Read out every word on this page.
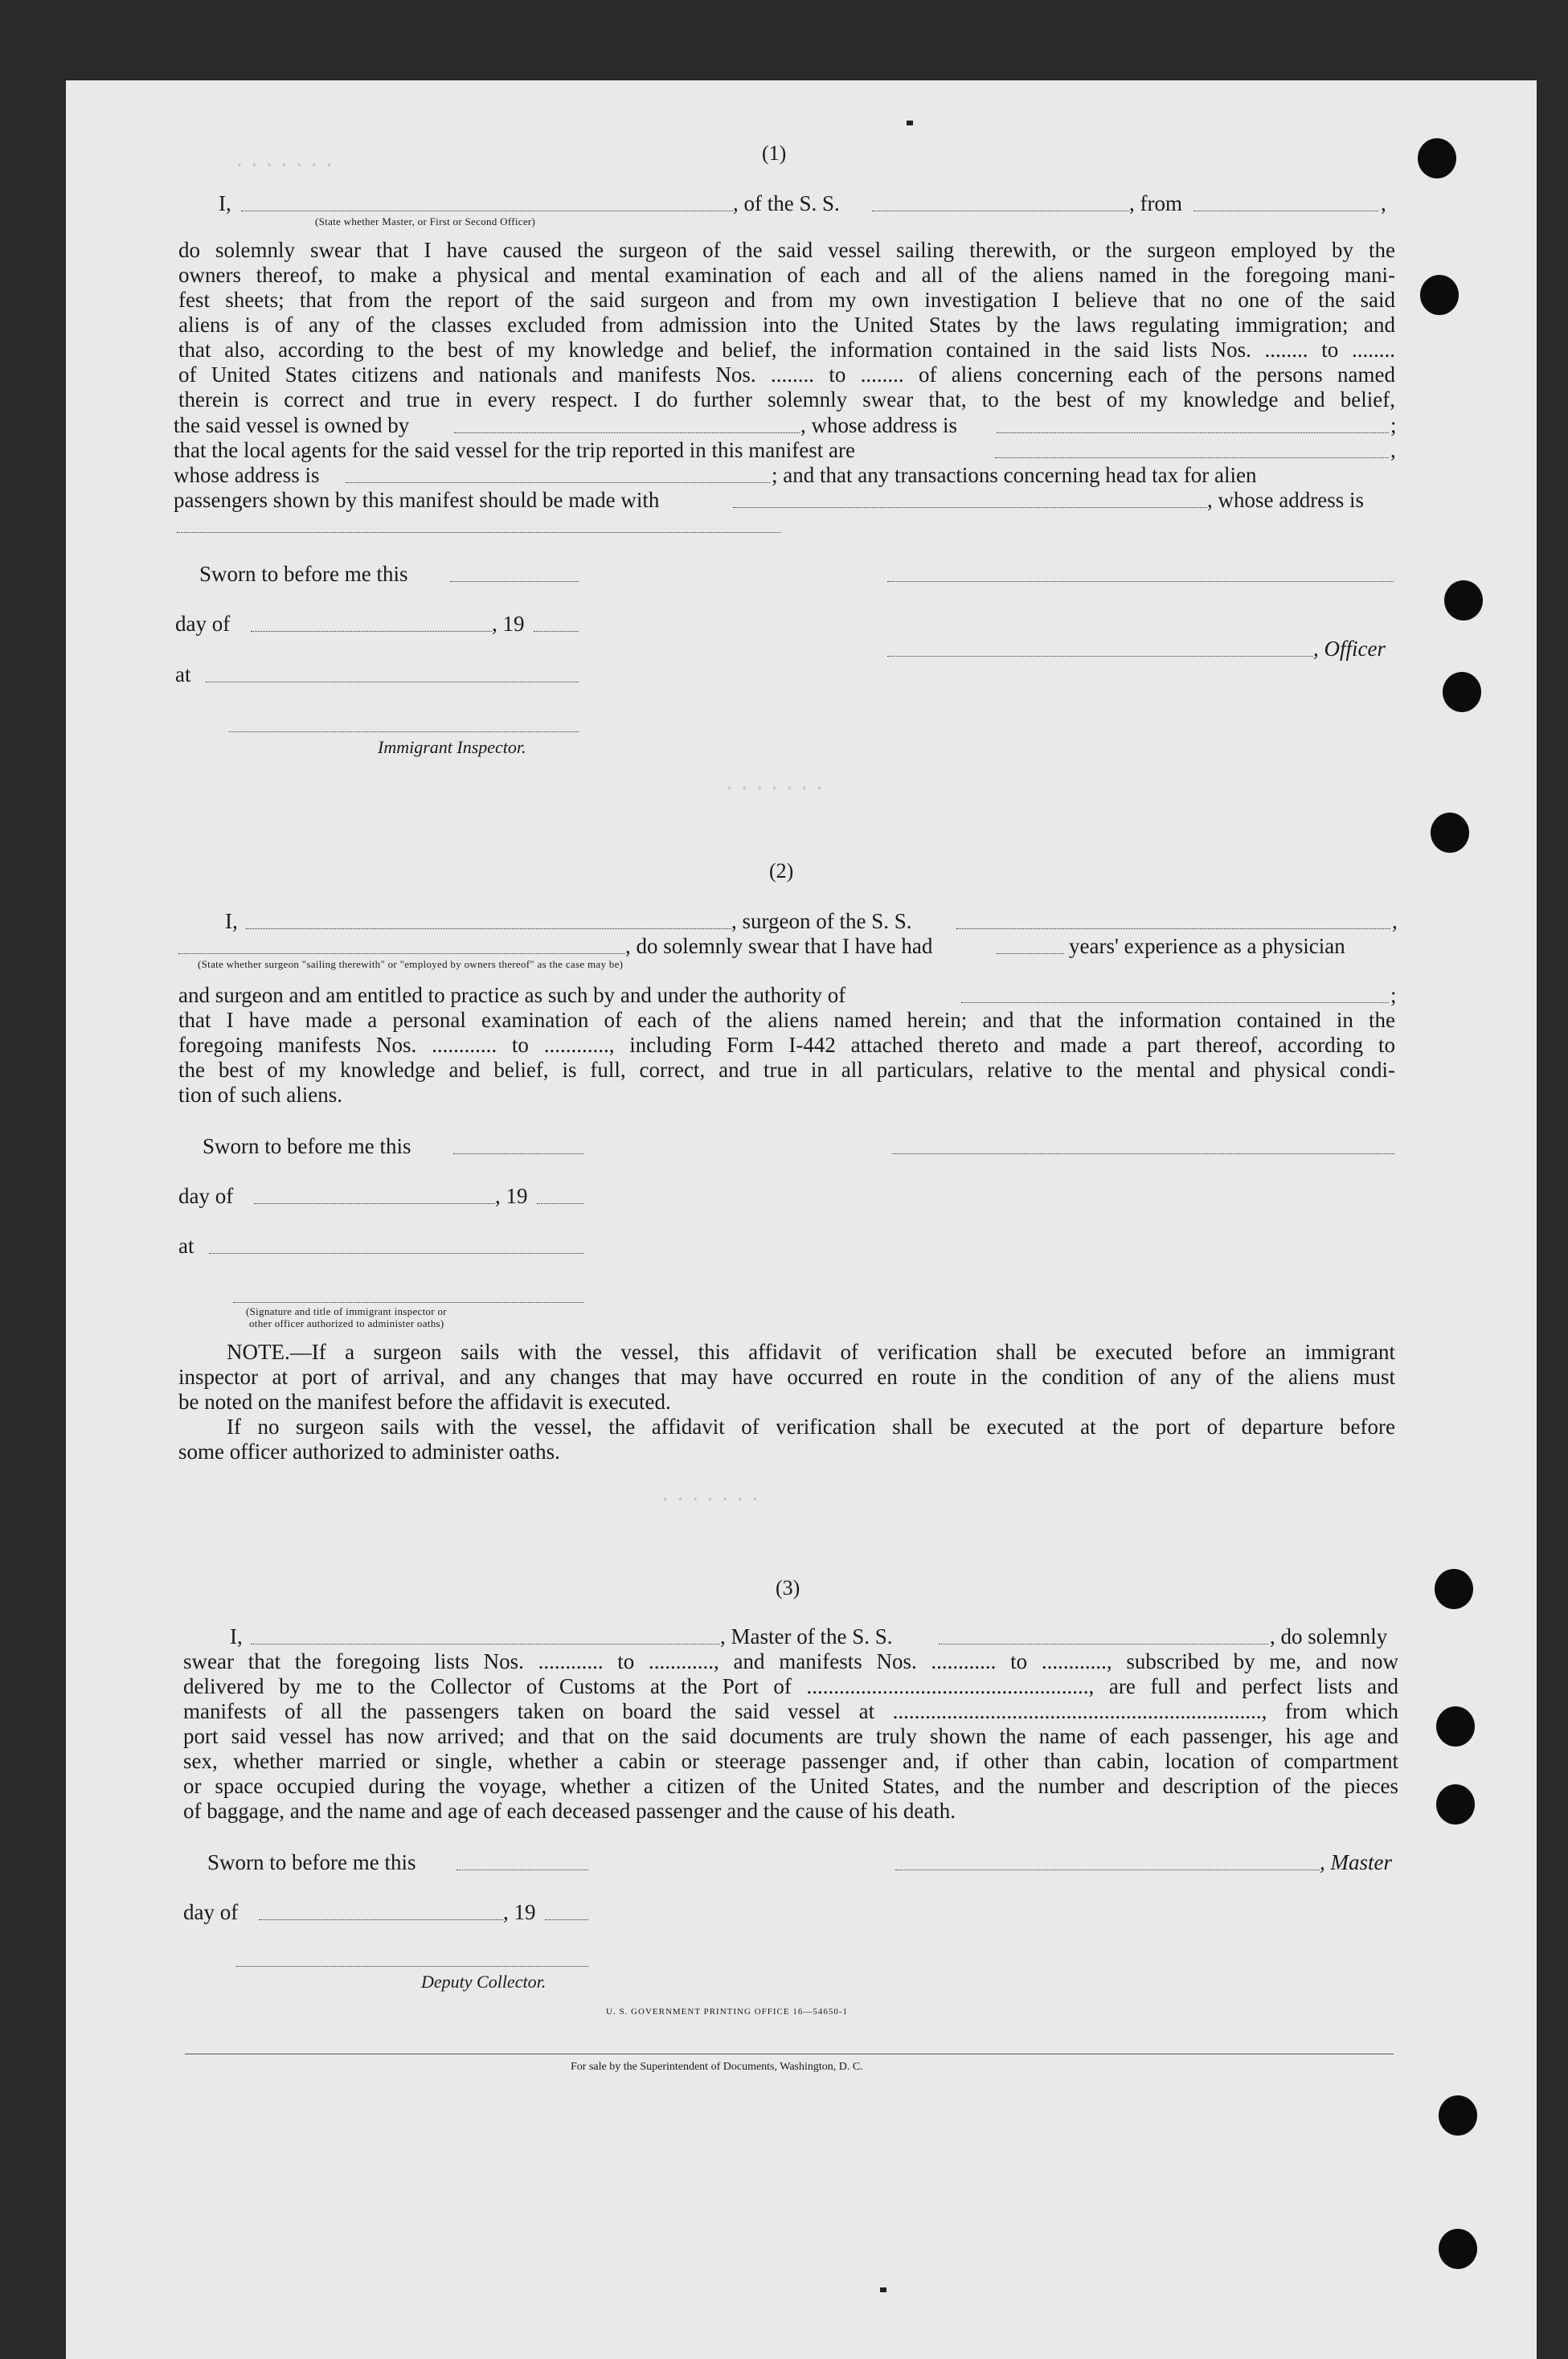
.......
.......
.......
(1)
I,	, of the S. S.	, from	,
(State whether Master, or First or Second Officer)
do solemnly swear that I have caused the surgeon of the said vessel sailing therewith, or the surgeon employed by the
owners thereof, to make a physical and mental examination of each and all of the aliens named in the foregoing mani-
fest sheets; that from the report of the said surgeon and from my own investigation I believe that no one of the said
aliens is of any of the classes excluded from admission into the United States by the laws regulating immigration; and
that also, according to the best of my knowledge and belief, the information contained in the said lists Nos. ........ to ........
of United States citizens and nationals and manifests Nos. ........ to ........ of aliens concerning each of the persons named
therein is correct and true in every respect. I do further solemnly swear that, to the best of my knowledge and belief,
the said vessel is owned by	, whose address is	;
that the local agents for the said vessel for the trip reported in this manifest are	,
whose address is	; and that any transactions concerning head tax for alien
passengers shown by this manifest should be made with	, whose address is
Sworn to before me this
day of	, 19
, Officer
at
Immigrant Inspector.
(2)
I,	, surgeon of the S. S.	,
, do solemnly swear that I have had	years' experience as a physician
(State whether surgeon "sailing therewith" or "employed by owners thereof" as the case may be)
and surgeon and am entitled to practice as such by and under the authority of	;
that I have made a personal examination of each of the aliens named herein; and that the information contained in the
foregoing manifests Nos. ............ to ............, including Form I-442 attached thereto and made a part thereof, according to
the best of my knowledge and belief, is full, correct, and true in all particulars, relative to the mental and physical condi-
tion of such aliens.
Sworn to before me this
day of	, 19
at
(Signature and title of immigrant inspector or
other officer authorized to administer oaths)
NOTE.—If a surgeon sails with the vessel, this affidavit of verification shall be executed before an immigrant
inspector at port of arrival, and any changes that may have occurred en route in the condition of any of the aliens must
be noted on the manifest before the affidavit is executed.
If no surgeon sails with the vessel, the affidavit of verification shall be executed at the port of departure before
some officer authorized to administer oaths.
(3)
I,	, Master of the S. S.	, do solemnly
swear that the foregoing lists Nos. ............ to ............, and manifests Nos. ............ to ............, subscribed by me, and now
delivered by me to the Collector of Customs at the Port of ...................................................., are full and perfect lists and
manifests of all the passengers taken on board the said vessel at ...................................................................., from which
port said vessel has now arrived; and that on the said documents are truly shown the name of each passenger, his age and
sex, whether married or single, whether a cabin or steerage passenger and, if other than cabin, location of compartment
or space occupied during the voyage, whether a citizen of the United States, and the number and description of the pieces
of baggage, and the name and age of each deceased passenger and the cause of his death.
Sworn to before me this	, Master
day of	, 19
Deputy Collector.
U. S. GOVERNMENT PRINTING OFFICE 16—54650-1
For sale by the Superintendent of Documents, Washington, D. C.
